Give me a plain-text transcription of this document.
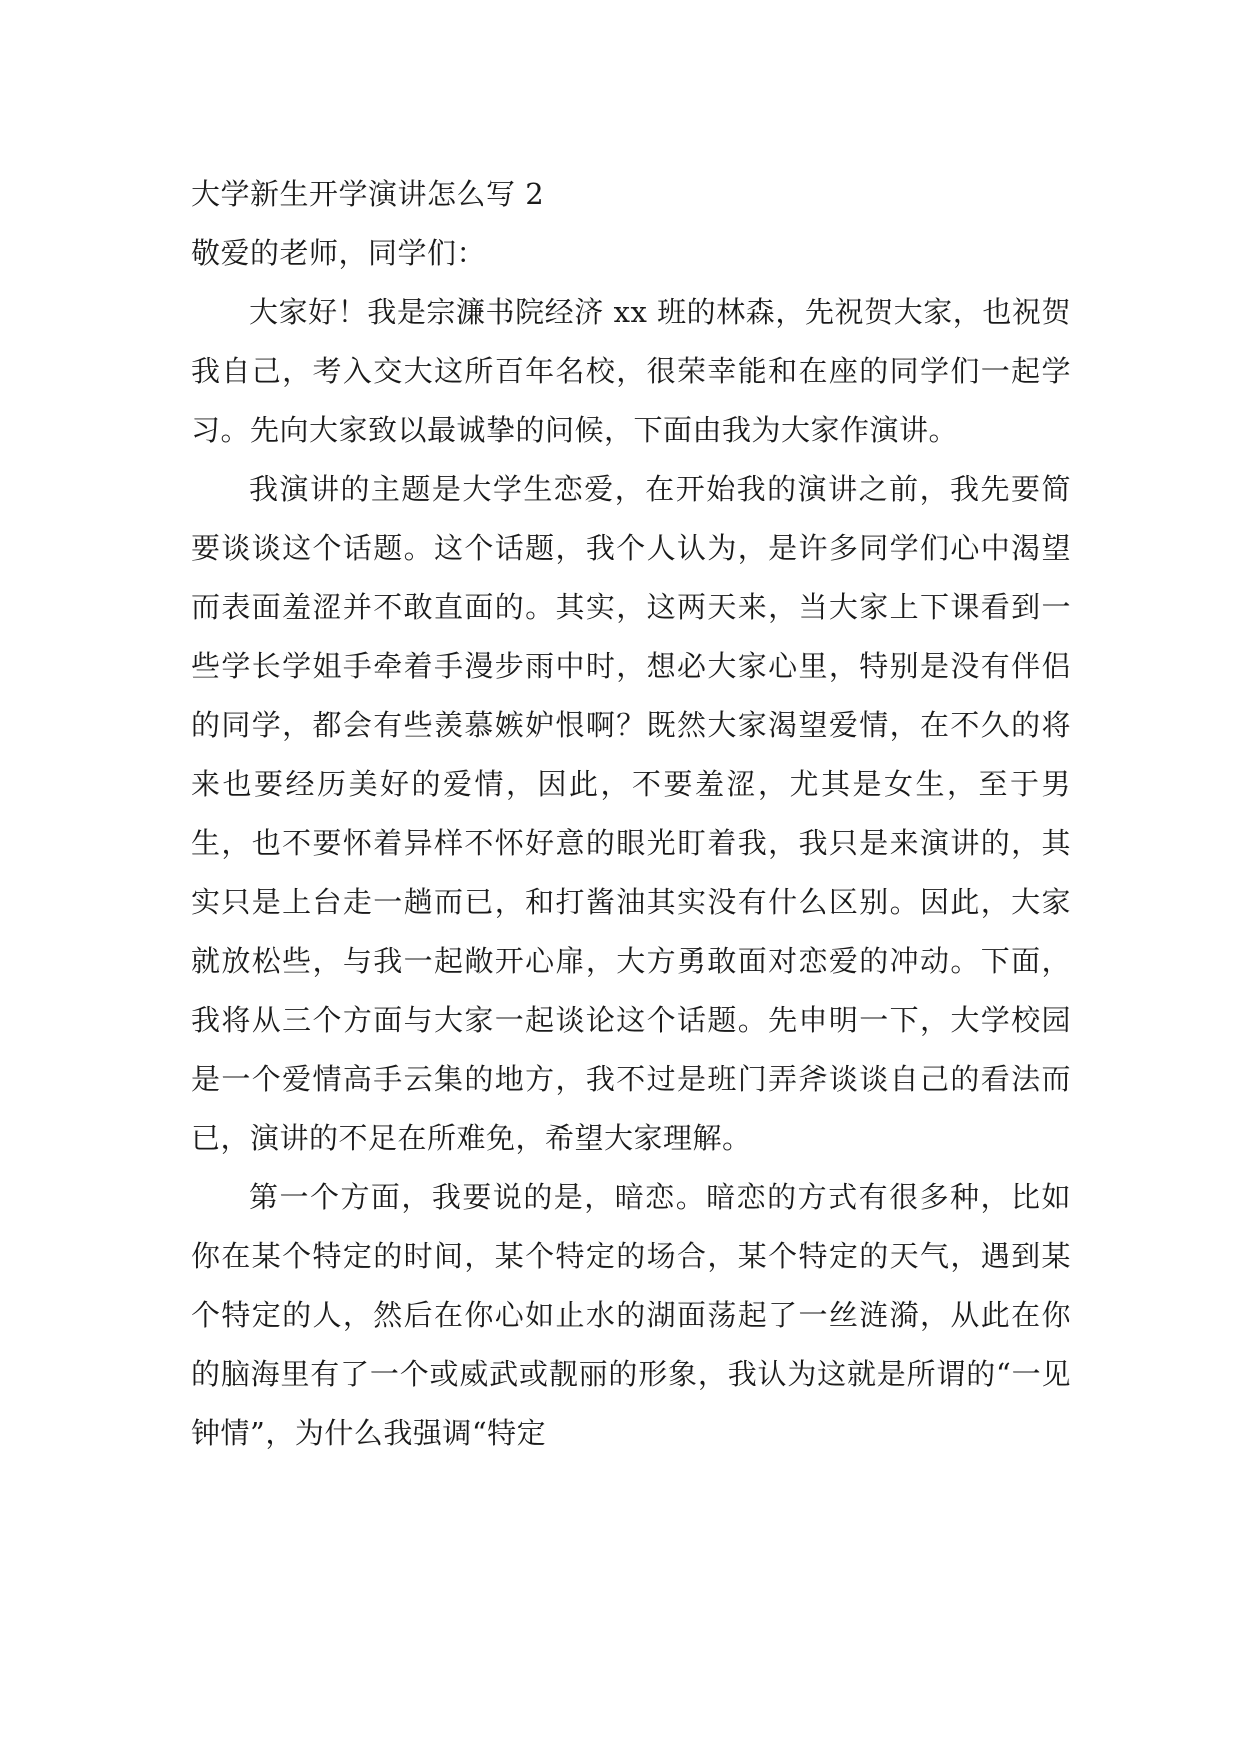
大学新生开学演讲怎么写 2

敬爱的老师，同学们：

大家好！我是宗濂书院经济 xx 班的林森，先祝贺大家，也祝贺我自己，考入交大这所百年名校，很荣幸能和在座的同学们一起学习。先向大家致以最诚挚的问候，下面由我为大家作演讲。

我演讲的主题是大学生恋爱，在开始我的演讲之前，我先要简要谈谈这个话题。这个话题，我个人认为，是许多同学们心中渴望而表面羞涩并不敢直面的。其实，这两天来，当大家上下课看到一些学长学姐手牵着手漫步雨中时，想必大家心里，特别是没有伴侣的同学，都会有些羡慕嫉妒恨啊？既然大家渴望爱情，在不久的将来也要经历美好的爱情，因此，不要羞涩，尤其是女生，至于男生，也不要怀着异样不怀好意的眼光盯着我，我只是来演讲的，其实只是上台走一趟而已，和打酱油其实没有什么区别。因此，大家就放松些，与我一起敞开心扉，大方勇敢面对恋爱的冲动。下面，我将从三个方面与大家一起谈论这个话题。先申明一下，大学校园是一个爱情高手云集的地方，我不过是班门弄斧谈谈自己的看法而已，演讲的不足在所难免，希望大家理解。

第一个方面，我要说的是，暗恋。暗恋的方式有很多种，比如你在某个特定的时间，某个特定的场合，某个特定的天气，遇到某个特定的人，然后在你心如止水的湖面荡起了一丝涟漪，从此在你的脑海里有了一个或威武或靓丽的形象，我认为这就是所谓的“一见钟情”，为什么我强调“特定
